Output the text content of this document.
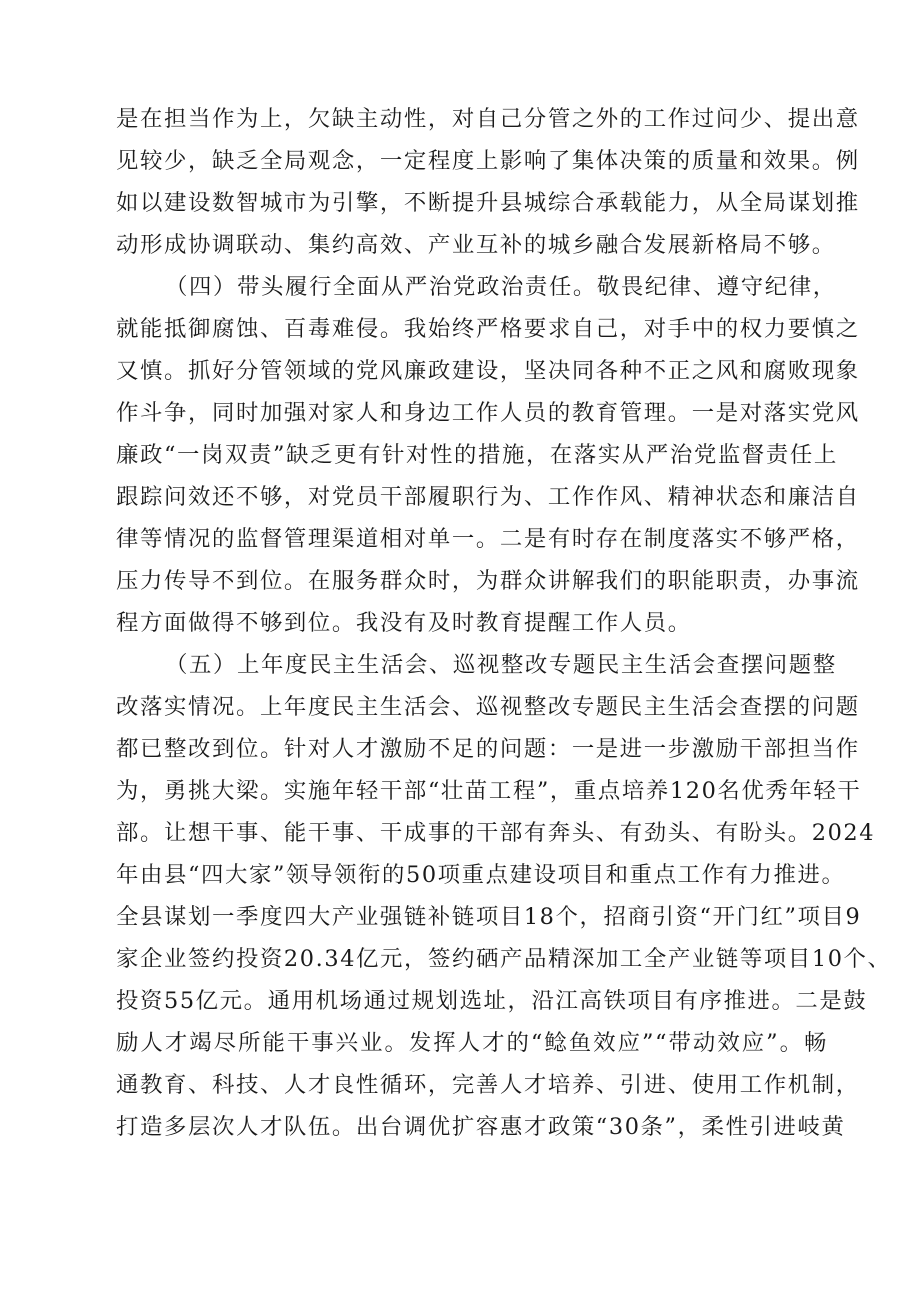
是在担当作为上，欠缺主动性，对自己分管之外的工作过问少、提出意
见较少，缺乏全局观念，一定程度上影响了集体决策的质量和效果。例
如以建设数智城市为引擎，不断提升县城综合承载能力，从全局谋划推
动形成协调联动、集约高效、产业互补的城乡融合发展新格局不够。
（四）带头履行全面从严治党政治责任。敬畏纪律、遵守纪律，
就能抵御腐蚀、百毒难侵。我始终严格要求自己，对手中的权力要慎之
又慎。抓好分管领域的党风廉政建设，坚决同各种不正之风和腐败现象
作斗争，同时加强对家人和身边工作人员的教育管理。一是对落实党风
廉政“一岗双责”缺乏更有针对性的措施，在落实从严治党监督责任上
跟踪问效还不够，对党员干部履职行为、工作作风、精神状态和廉洁自
律等情况的监督管理渠道相对单一。二是有时存在制度落实不够严格，
压力传导不到位。在服务群众时，为群众讲解我们的职能职责，办事流
程方面做得不够到位。我没有及时教育提醒工作人员。
（五）上年度民主生活会、巡视整改专题民主生活会查摆问题整
改落实情况。上年度民主生活会、巡视整改专题民主生活会查摆的问题
都已整改到位。针对人才激励不足的问题：一是进一步激励干部担当作
为，勇挑大梁。实施年轻干部“壮苗工程”，重点培养120名优秀年轻干
部。让想干事、能干事、干成事的干部有奔头、有劲头、有盼头。2024
年由县“四大家”领导领衔的50项重点建设项目和重点工作有力推进。
全县谋划一季度四大产业强链补链项目18个，招商引资“开门红”项目9
家企业签约投资20.34亿元，签约硒产品精深加工全产业链等项目10个、
投资55亿元。通用机场通过规划选址，沿江高铁项目有序推进。二是鼓
励人才竭尽所能干事兴业。发挥人才的“鲶鱼效应”“带动效应”。畅
通教育、科技、人才良性循环，完善人才培养、引进、使用工作机制，
打造多层次人才队伍。出台调优扩容惠才政策“30条”，柔性引进岐黄
